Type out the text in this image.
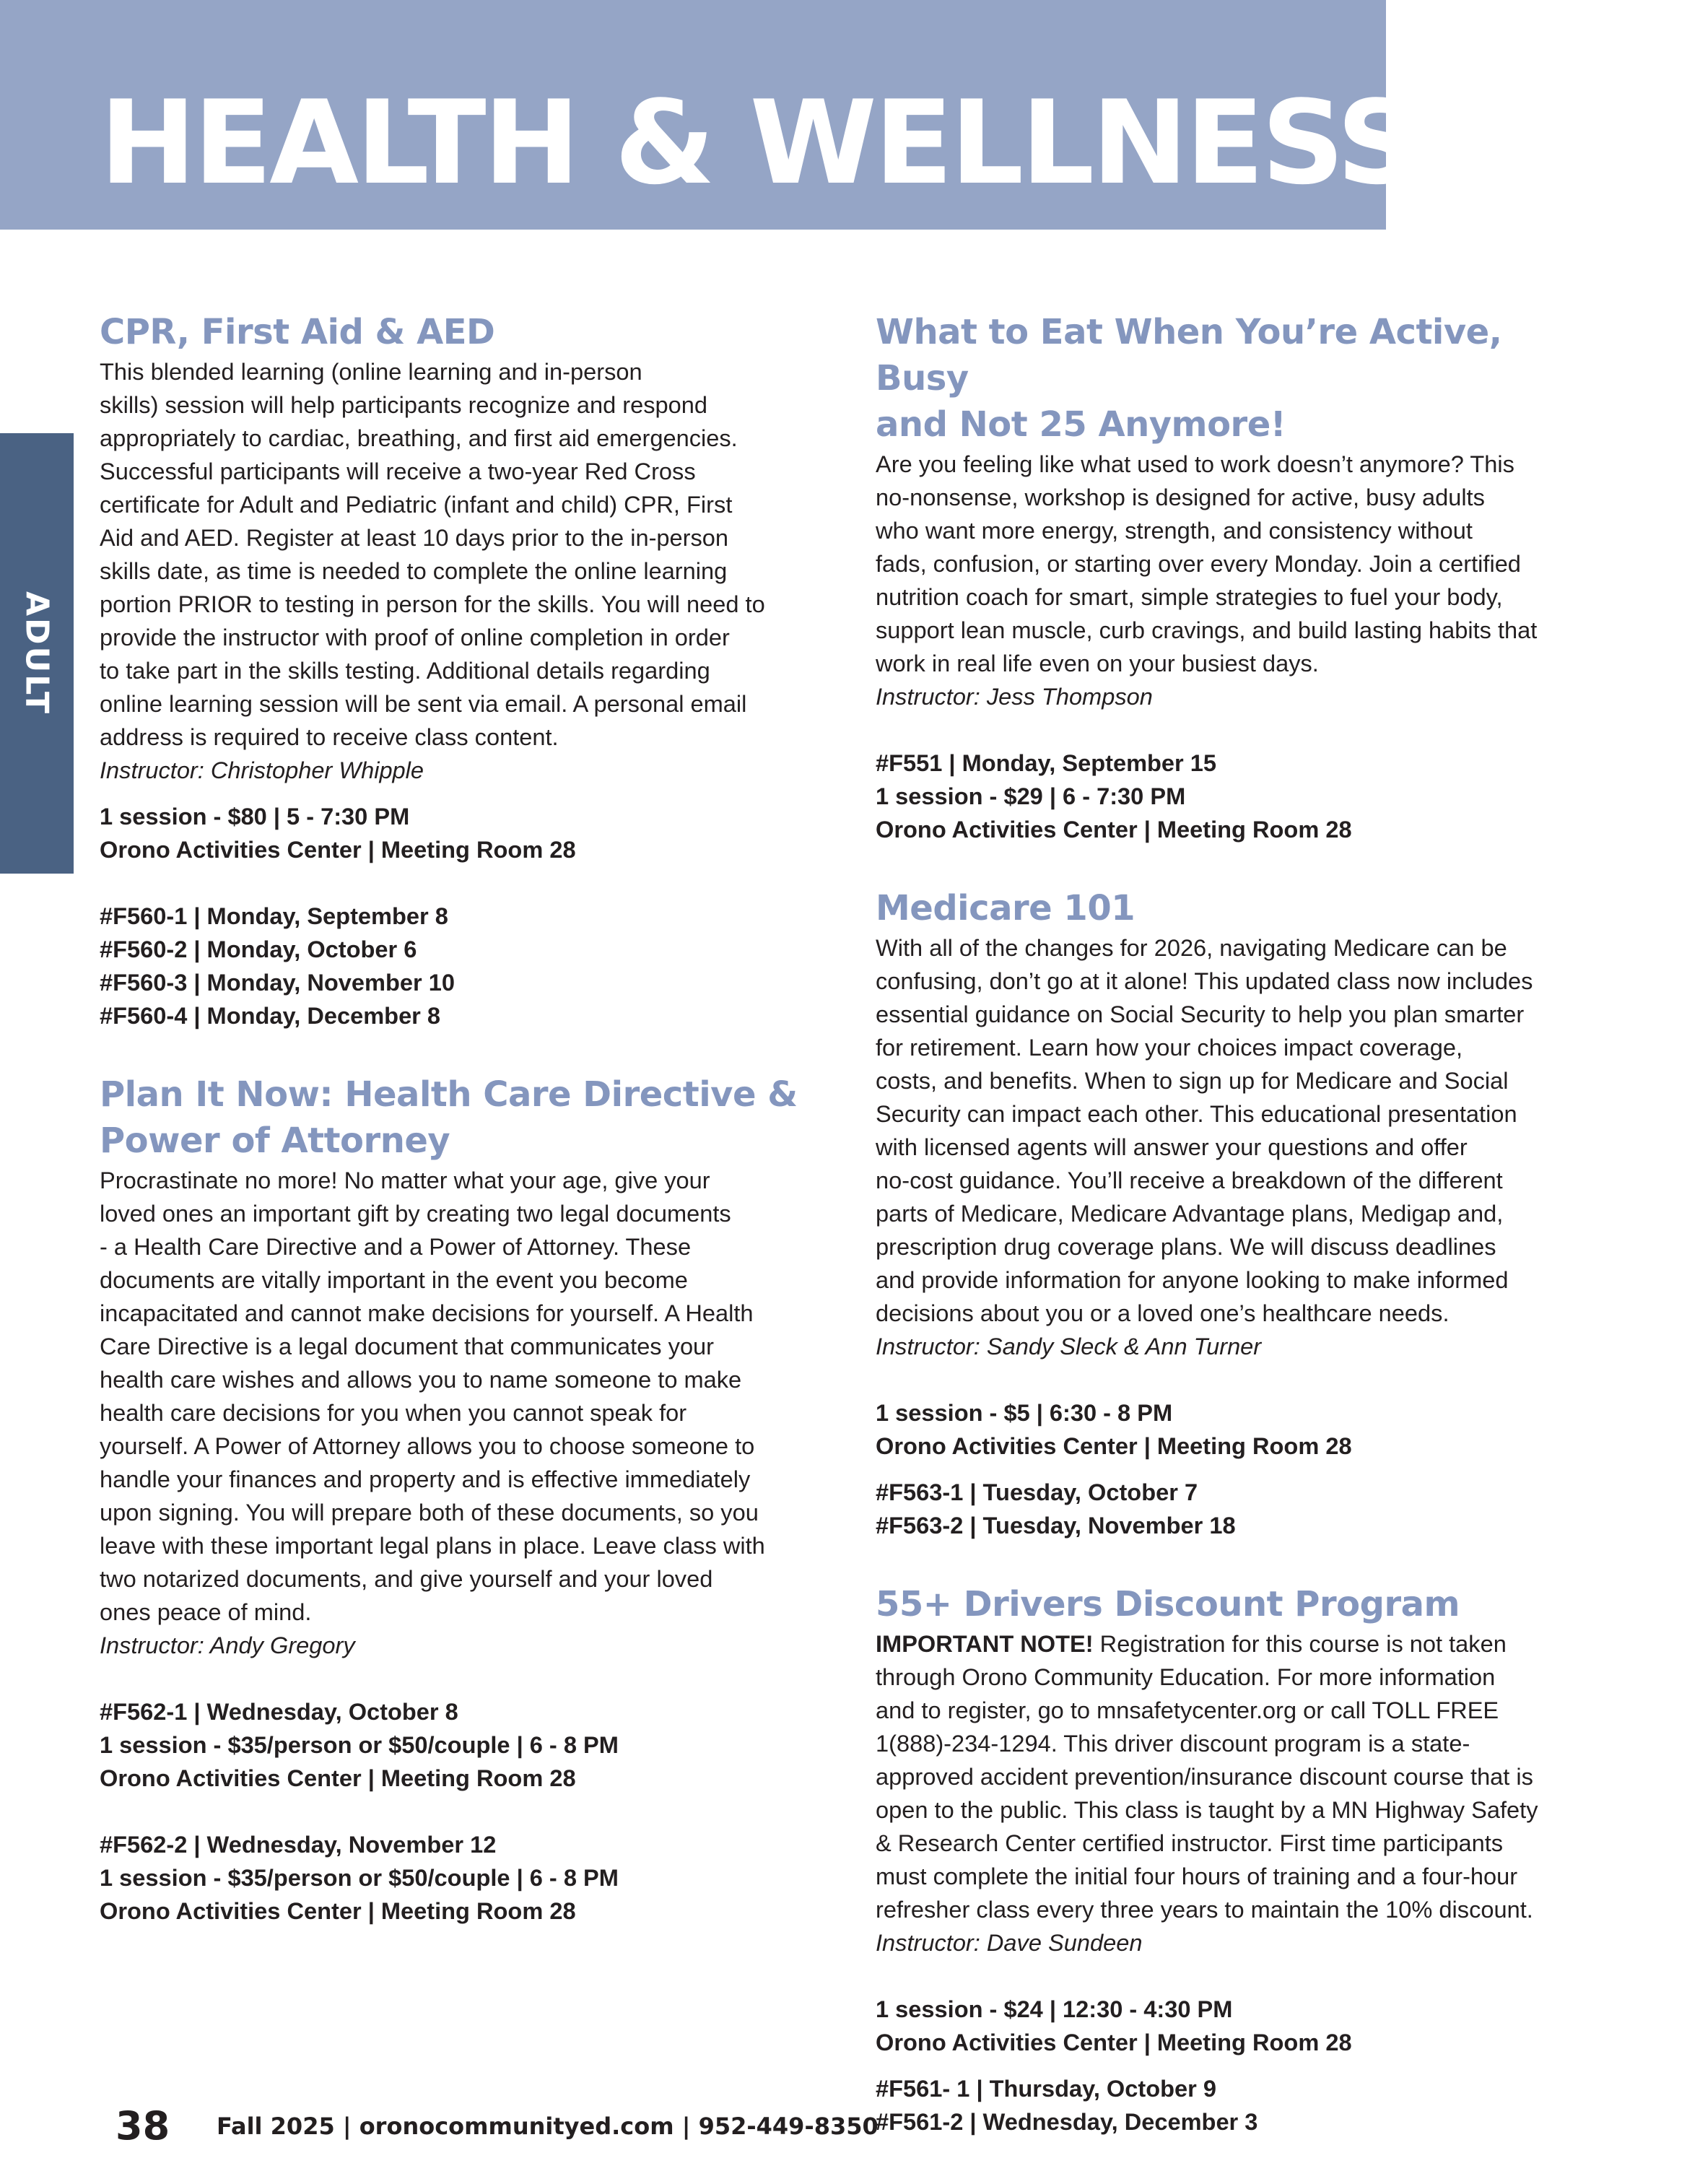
HEALTH & WELLNESS
ADULT
CPR, First Aid & AED

This blended learning (online learning and in-person
skills) session will help participants recognize and respond
appropriately to cardiac, breathing, and first aid emergencies.
Successful participants will receive a two-year Red Cross
certificate for Adult and Pediatric (infant and child) CPR, First
Aid and AED. Register at least 10 days prior to the in-person
skills date, as time is needed to complete the online learning
portion PRIOR to testing in person for the skills. You will need to
provide the instructor with proof of online completion in order
to take part in the skills testing. Additional details regarding
online learning session will be sent via email. A personal email
address is required to receive class content.

Instructor: Christopher Whipple

1 session - $80 | 5 - 7:30 PM
Orono Activities Center | Meeting Room 28
#F560-1 | Monday, September 8
#F560-2 | Monday, October 6
#F560-3 | Monday, November 10
#F560-4 | Monday, December 8
Plan It Now: Health Care Directive &
Power of Attorney

Procrastinate no more! No matter what your age, give your
loved ones an important gift by creating two legal documents
- a Health Care Directive and a Power of Attorney. These
documents are vitally important in the event you become
incapacitated and cannot make decisions for yourself. A Health
Care Directive is a legal document that communicates your
health care wishes and allows you to name someone to make
health care decisions for you when you cannot speak for
yourself. A Power of Attorney allows you to choose someone to
handle your finances and property and is effective immediately
upon signing. You will prepare both of these documents, so you
leave with these important legal plans in place. Leave class with
two notarized documents, and give yourself and your loved
ones peace of mind.

Instructor: Andy Gregory

#F562-1 | Wednesday, October 8
1 session - $35/person or $50/couple | 6 - 8 PM
Orono Activities Center | Meeting Room 28
#F562-2 | Wednesday, November 12
1 session - $35/person or $50/couple | 6 - 8 PM
Orono Activities Center | Meeting Room 28
What to Eat When You’re Active, Busy
and Not 25 Anymore!

Are you feeling like what used to work doesn’t anymore? This
no-nonsense, workshop is designed for active, busy adults
who want more energy, strength, and consistency without
fads, confusion, or starting over every Monday. Join a certified
nutrition coach for smart, simple strategies to fuel your body,
support lean muscle, curb cravings, and build lasting habits that
work in real life even on your busiest days.

Instructor: Jess Thompson

#F551 | Monday, September 15
1 session - $29 | 6 - 7:30 PM
Orono Activities Center | Meeting Room 28
Medicare 101

With all of the changes for 2026, navigating Medicare can be
confusing, don’t go at it alone! This updated class now includes
essential guidance on Social Security to help you plan smarter
for retirement. Learn how your choices impact coverage,
costs, and benefits. When to sign up for Medicare and Social
Security can impact each other. This educational presentation
with licensed agents will answer your questions and offer
no-cost guidance. You’ll receive a breakdown of the different
parts of Medicare, Medicare Advantage plans, Medigap and,
prescription drug coverage plans. We will discuss deadlines
and provide information for anyone looking to make informed
decisions about you or a loved one’s healthcare needs.

Instructor: Sandy Sleck & Ann Turner

1 session - $5 | 6:30 - 8 PM
Orono Activities Center | Meeting Room 28
#F563-1 | Tuesday, October 7
#F563-2 | Tuesday, November 18
55+ Drivers Discount Program

IMPORTANT NOTE! Registration for this course is not taken
through Orono Community Education. For more information
and to register, go to mnsafetycenter.org or call TOLL FREE
1(888)-234-1294. This driver discount program is a state-
approved accident prevention/insurance discount course that is
open to the public. This class is taught by a MN Highway Safety
& Research Center certified instructor. First time participants
must complete the initial four hours of training and a four-hour
refresher class every three years to maintain the 10% discount.

Instructor: Dave Sundeen

1 session - $24 | 12:30 - 4:30 PM
Orono Activities Center | Meeting Room 28
#F561- 1 | Thursday, October 9
#F561-2 | Wednesday, December 3
38 Fall 2025 | oronocommunityed.com | 952-449-8350
